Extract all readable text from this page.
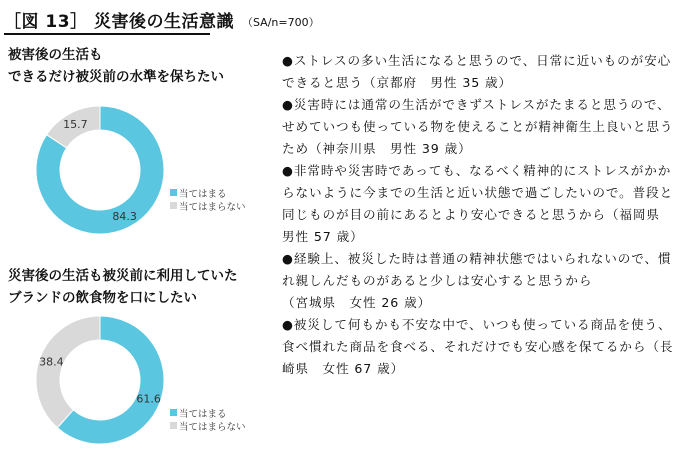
［図 13］ 災害後の生活意識 （SA/n=700）
被害後の生活も
できるだけ被災前の水準を保ちたい
84.3
15.7
当てはまる
当てはまらない
災害後の生活も被災前に利用していた
ブランドの飲食物を口にしたい
61.6
38.4
当てはまる
当てはまらない

●ストレスの多い生活になると思うので、日常に近いものが安心できると思う（京都府　男性 35 歳）

●災害時には通常の生活ができずストレスがたまると思うので、せめていつも使っている物を使えることが精神衛生上良いと思うため（神奈川県　男性 39 歳）

●非常時や災害時であっても、なるべく精神的にストレスがかからないように今までの生活と近い状態で過ごしたいので。普段と同じものが目の前にあるとより安心できると思うから（福岡県　男性 57 歳）

●経験上、被災した時は普通の精神状態ではいられないので、慣れ親しんだものがあると少しは安心すると思うから
（宮城県　女性 26 歳）

●被災して何もかも不安な中で、いつも使っている商品を使う、食べ慣れた商品を食べる、それだけでも安心感を保てるから（長崎県　女性 67 歳）
